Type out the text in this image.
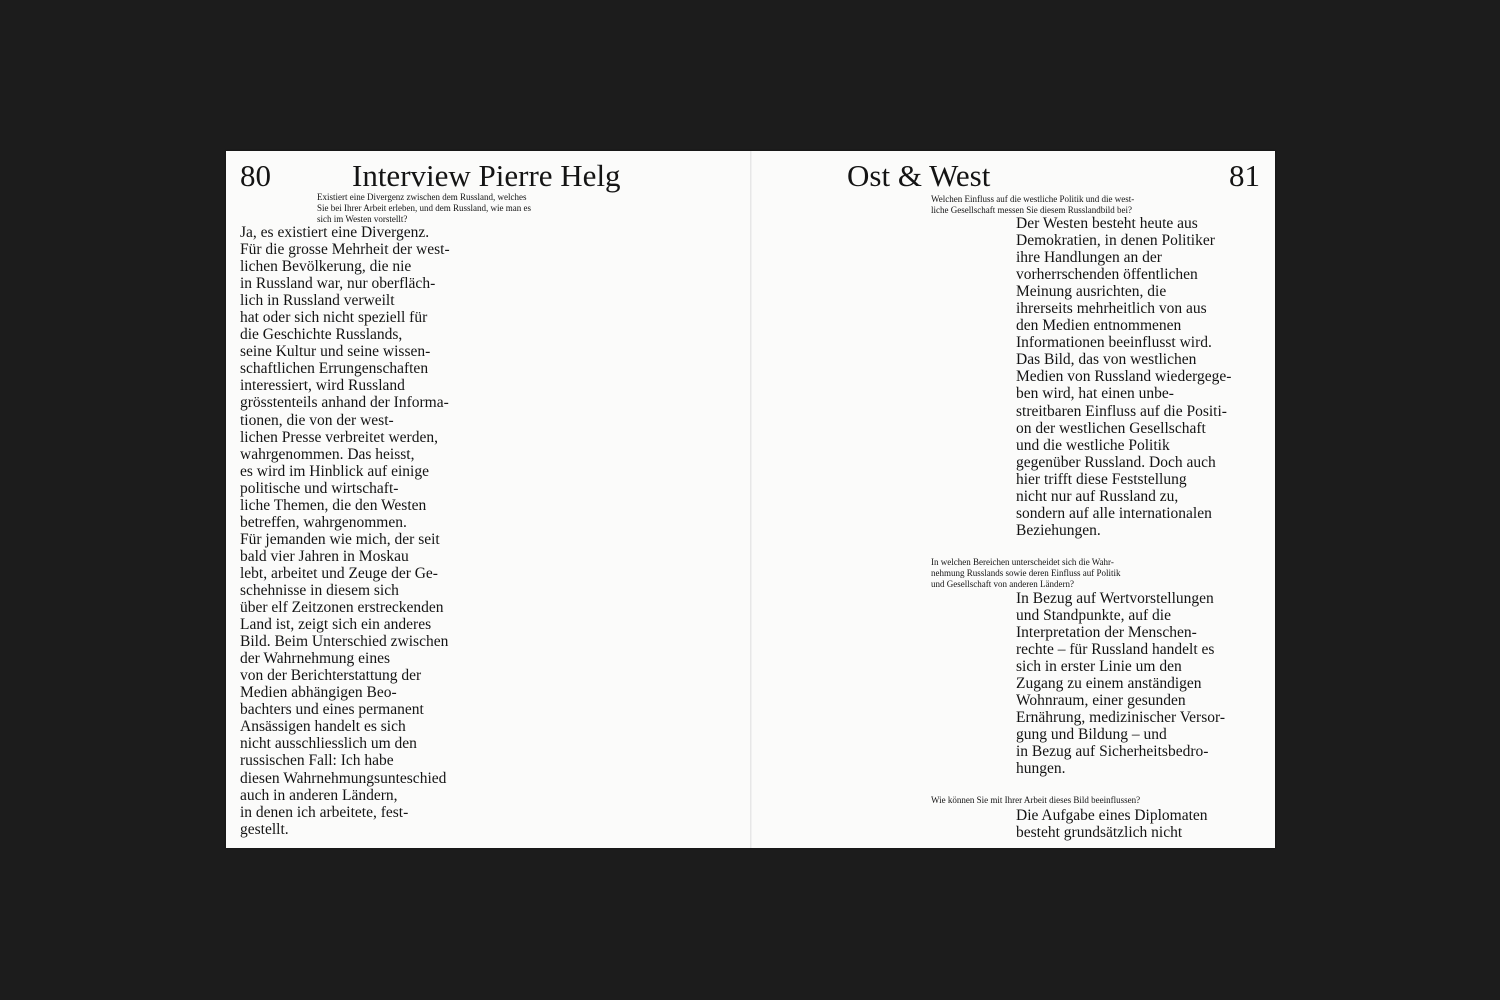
80	Interview Pierre Helg

Existiert eine Divergenz zwischen dem Russland, welches
Sie bei Ihrer Arbeit erleben, und dem Russland, wie man es
sich im Westen vorstellt?

Ja, es existiert eine Divergenz.
Für die grosse Mehrheit der west-
lichen Bevölkerung, die nie
in Russland war, nur oberfläch-
lich in Russland verweilt
hat oder sich nicht speziell für
die Geschichte Russlands,
seine Kultur und seine wissen-
schaftlichen Errungenschaften
interessiert, wird Russland
grösstenteils anhand der Informa-
tionen, die von der west-
lichen Presse verbreitet werden,
wahrgenommen. Das heisst,
es wird im Hinblick auf einige
politische und wirtschaft-
liche Themen, die den Westen
betreffen, wahrgenommen.
Für jemanden wie mich, der seit
bald vier Jahren in Moskau
lebt, arbeitet und Zeuge der Ge-
schehnisse in diesem sich
über elf Zeitzonen erstreckenden
Land ist, zeigt sich ein anderes
Bild. Beim Unterschied zwischen
der Wahrnehmung eines
von der Berichterstattung der
Medien abhängigen Beo-
bachters und eines permanent
Ansässigen handelt es sich
nicht ausschliesslich um den
russischen Fall: Ich habe
diesen Wahrnehmungsunteschied
auch in anderen Ländern,
in denen ich arbeitete, fest-
gestellt.

Ost & West	81

Welchen Einfluss auf die westliche Politik und die west-
liche Gesellschaft messen Sie diesem Russlandbild bei?

Der Westen besteht heute aus
Demokratien, in denen Politiker
ihre Handlungen an der
vorherrschenden öffentlichen
Meinung ausrichten, die
ihrerseits mehrheitlich von aus
den Medien entnommenen
Informationen beeinflusst wird.
Das Bild, das von westlichen
Medien von Russland wiedergege-
ben wird, hat einen unbe-
streitbaren Einfluss auf die Positi-
on der westlichen Gesellschaft
und die westliche Politik
gegenüber Russland. Doch auch
hier trifft diese Feststellung
nicht nur auf Russland zu,
sondern auf alle internationalen
Beziehungen.

In welchen Bereichen unterscheidet sich die Wahr-
nehmung Russlands sowie deren Einfluss auf Politik
und Gesellschaft von anderen Ländern?

In Bezug auf Wertvorstellungen
und Standpunkte, auf die
Interpretation der Menschen-
rechte – für Russland handelt es
sich in erster Linie um den
Zugang zu einem anständigen
Wohnraum, einer gesunden
Ernährung, medizinischer Versor-
gung und Bildung – und
in Bezug auf Sicherheitsbedro-
hungen.

Wie können Sie mit Ihrer Arbeit dieses Bild beeinflussen?

Die Aufgabe eines Diplomaten
besteht grundsätzlich nicht
